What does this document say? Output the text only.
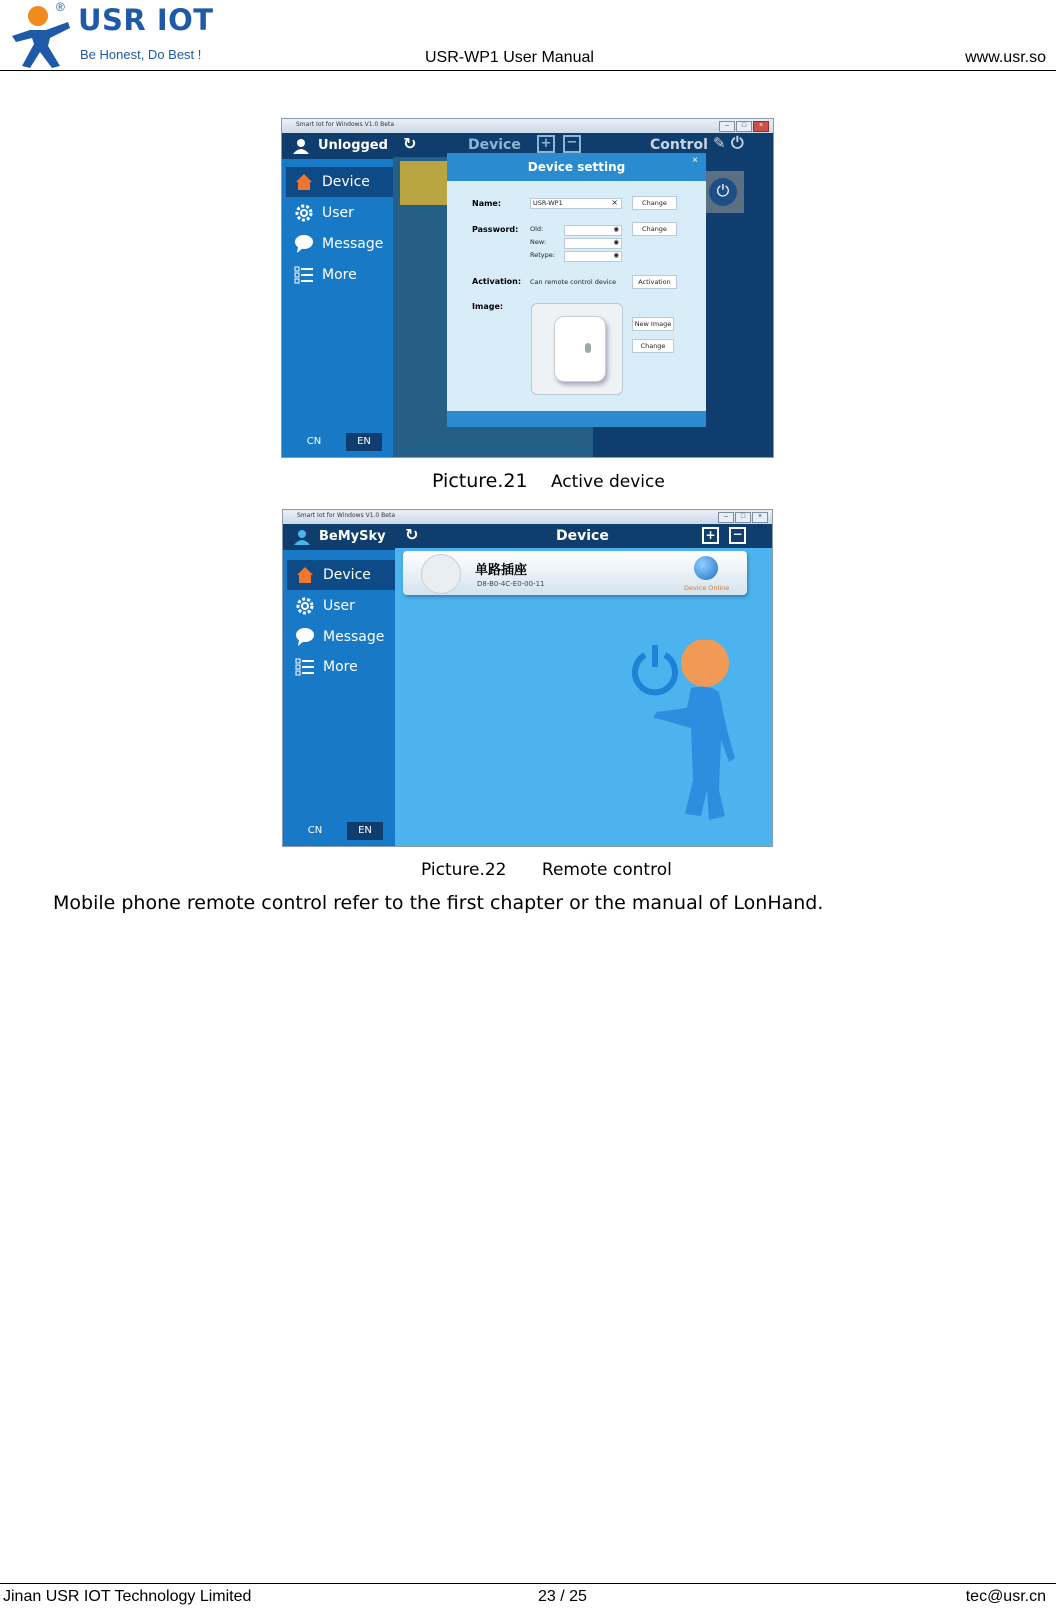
USR IOT
®
Be Honest, Do Best !	USR-WP1 User Manual	www.usr.so
Smart Iot for Windows V1.0 Beta	–	□	×
Unlogged
Device
User
Message
More
CN	EN
↻	Device + −	Control ✎ ⏻
⏻
Device setting	×
Name:	USR-WP1	×	Change
Password: Old:	◉
New:	◉
Retype:	◉
Change
Activation: Can remote control device	Activation
Image:
New Image
Change
Picture.21 Active device
Smart Iot for Windows V1.0 Beta	–	□	×
BeMySky
Device
User
Message
More
CN	EN
↻	Device	+ −
单路插座
D8-B0-4C-E0-00-11	Device Online
Picture.22 Remote control
Mobile phone remote control refer to the first chapter or the manual of LonHand.
Jinan USR IOT Technology Limited	23 / 25	tec@usr.cn
